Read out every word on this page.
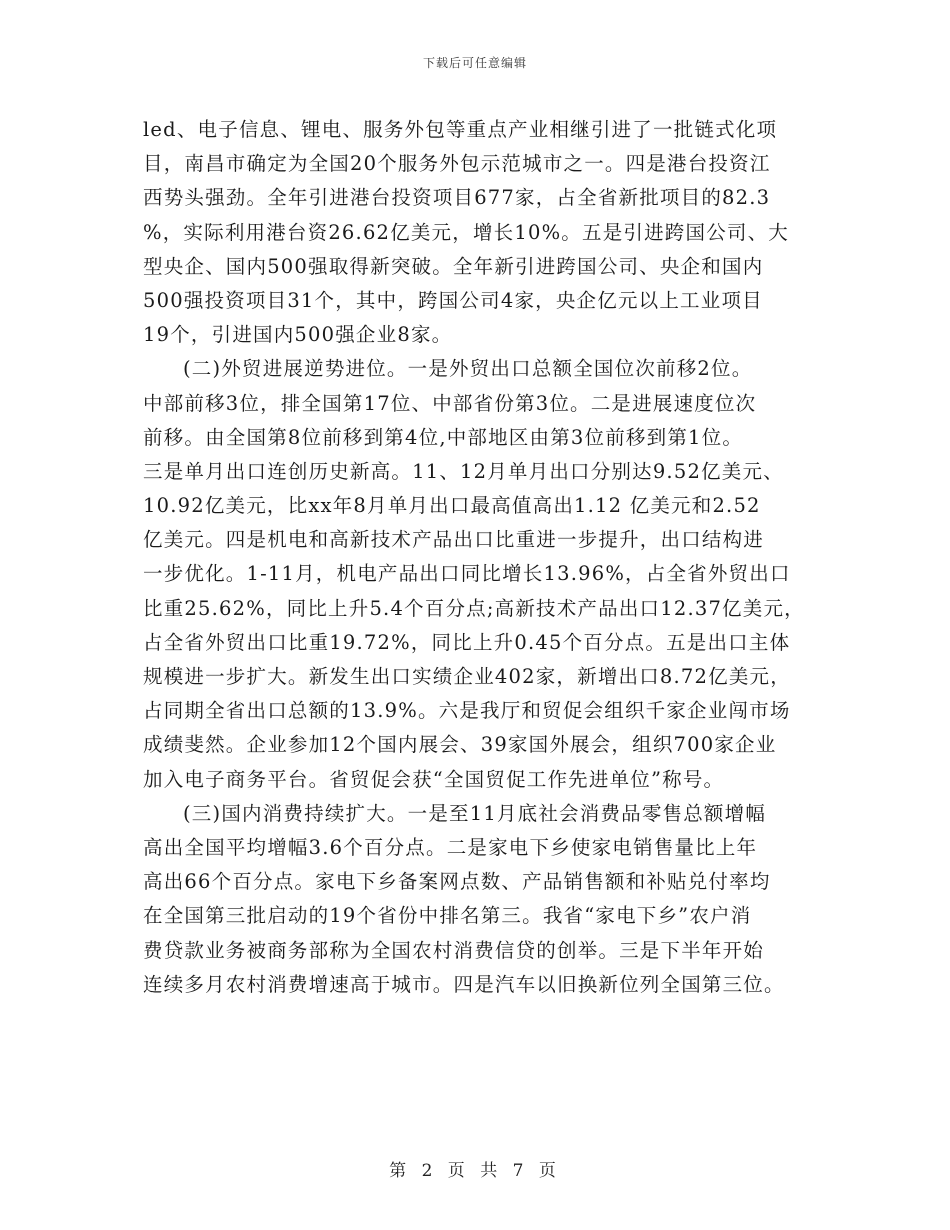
下载后可任意编辑
led、电子信息、锂电、服务外包等重点产业相继引进了一批链式化项
目，南昌市确定为全国20个服务外包示范城市之一。四是港台投资江
西势头强劲。全年引进港台投资项目677家，占全省新批项目的82.3
%，实际利用港台资26.62亿美元，增长10%。五是引进跨国公司、大
型央企、国内500强取得新突破。全年新引进跨国公司、央企和国内
500强投资项目31个，其中，跨国公司4家，央企亿元以上工业项目
19个，引进国内500强企业8家。
(二)外贸进展逆势进位。一是外贸出口总额全国位次前移2位。
中部前移3位，排全国第17位、中部省份第3位。二是进展速度位次
前移。由全国第8位前移到第4位,中部地区由第3位前移到第1位。
三是单月出口连创历史新高。11、12月单月出口分别达9.52亿美元、
10.92亿美元，比xx年8月单月出口最高值高出1.12 亿美元和2.52
亿美元。四是机电和高新技术产品出口比重进一步提升，出口结构进
一步优化。1-11月，机电产品出口同比增长13.96%，占全省外贸出口
比重25.62%，同比上升5.4个百分点;高新技术产品出口12.37亿美元，
占全省外贸出口比重19.72%，同比上升0.45个百分点。五是出口主体
规模进一步扩大。新发生出口实绩企业402家，新增出口8.72亿美元，
占同期全省出口总额的13.9%。六是我厅和贸促会组织千家企业闯市场
成绩斐然。企业参加12个国内展会、39家国外展会，组织700家企业
加入电子商务平台。省贸促会获“全国贸促工作先进单位”称号。
(三)国内消费持续扩大。一是至11月底社会消费品零售总额增幅
高出全国平均增幅3.6个百分点。二是家电下乡使家电销售量比上年
高出66个百分点。家电下乡备案网点数、产品销售额和补贴兑付率均
在全国第三批启动的19个省份中排名第三。我省“家电下乡”农户消
费贷款业务被商务部称为全国农村消费信贷的创举。三是下半年开始
连续多月农村消费增速高于城市。四是汽车以旧换新位列全国第三位。
第 2 页 共 7 页
